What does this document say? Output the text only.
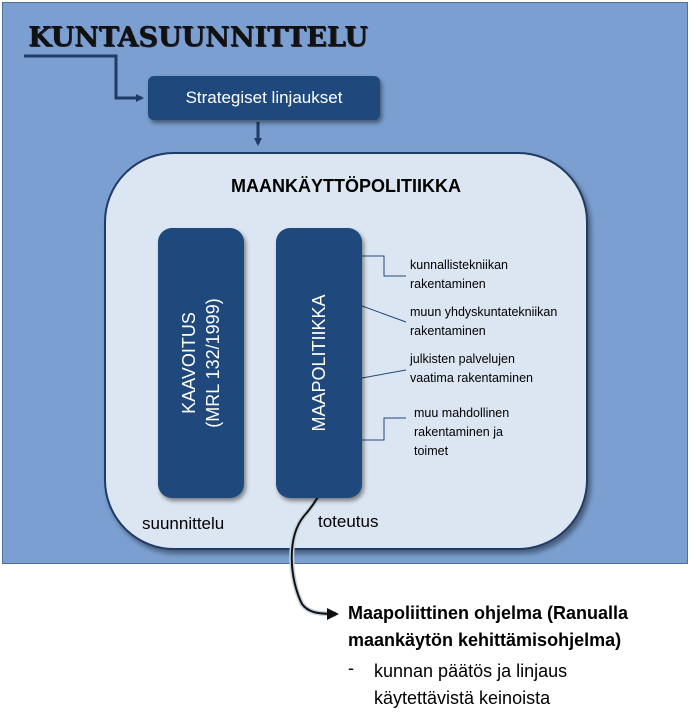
KUNTASUUNNITTELU
Strategiset linjaukset
MAANKÄYTTÖPOLITIIKKA
KAAVOITUS (MRL 132/1999)	MAAPOLITIIKKA
suunnittelu	toteutus
kunnallistekniikan
rakentaminen
muun yhdyskuntatekniikan
rakentaminen
julkisten palvelujen
vaatima rakentaminen
muu mahdollinen
rakentaminen ja
toimet
Maapoliittinen ohjelma (Ranualla
maankäytön kehittämisohjelma)
- kunnan päätös ja linjaus
käytettävistä keinoista
